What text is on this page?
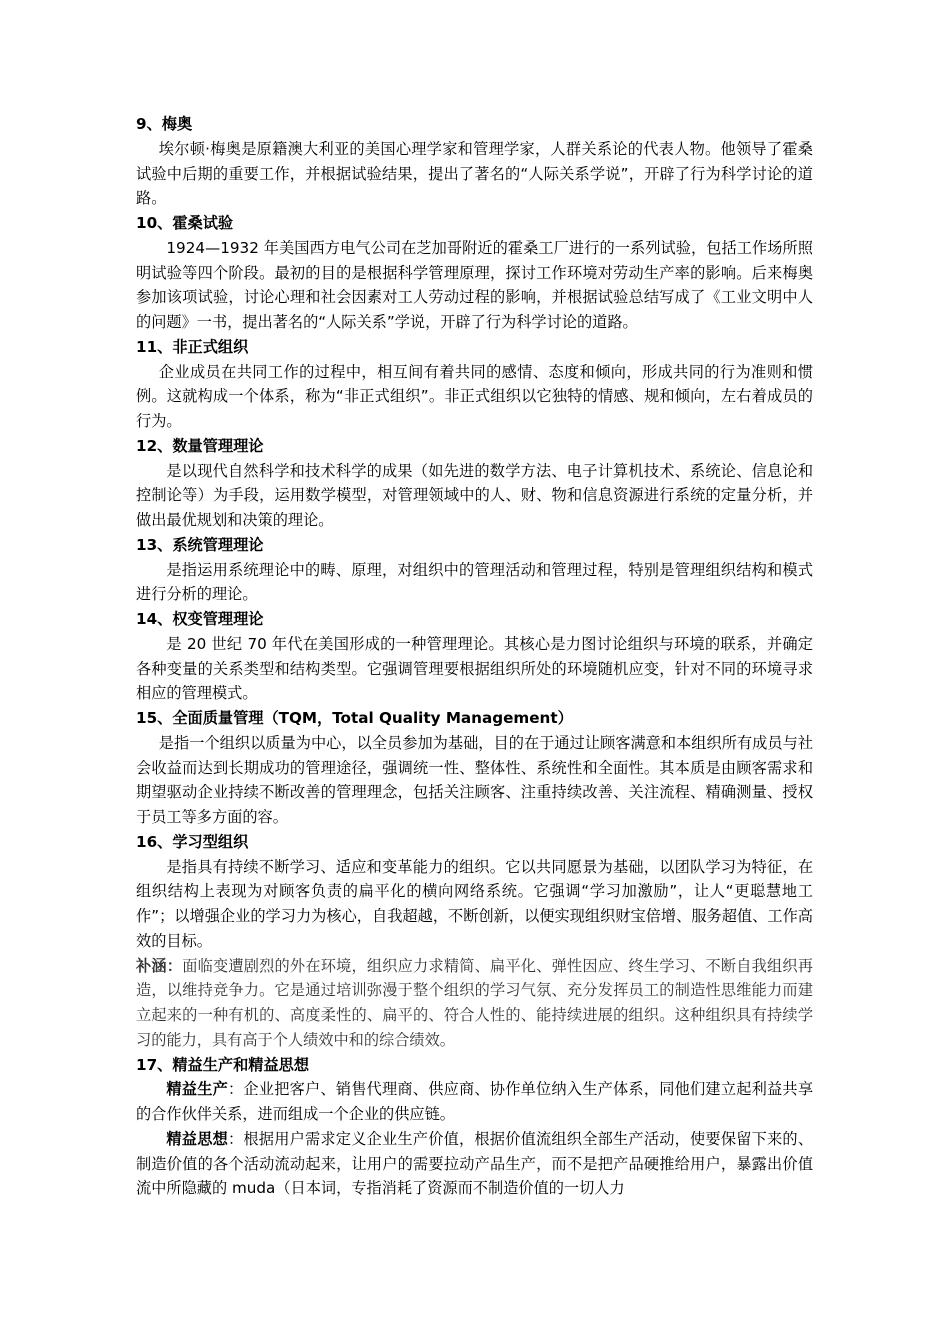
9、梅奥

埃尔顿·梅奥是原籍澳大利亚的美国心理学家和管理学家，人群关系论的代表人物。他领导了霍桑试验中后期的重要工作，并根据试验结果，提出了著名的“人际关系学说”，开辟了行为科学讨论的道路。

10、霍桑试验

1924—1932 年美国西方电气公司在芝加哥附近的霍桑工厂进行的一系列试验，包括工作场所照明试验等四个阶段。最初的目的是根据科学管理原理，探讨工作环境对劳动生产率的影响。后来梅奥参加该项试验，讨论心理和社会因素对工人劳动过程的影响，并根据试验总结写成了《工业文明中人的问题》一书，提出著名的“人际关系”学说，开辟了行为科学讨论的道路。

11、非正式组织

企业成员在共同工作的过程中，相互间有着共同的感情、态度和倾向，形成共同的行为准则和惯例。这就构成一个体系，称为“非正式组织”。非正式组织以它独特的情感、规和倾向，左右着成员的行为。

12、数量管理理论

是以现代自然科学和技术科学的成果（如先进的数学方法、电子计算机技术、系统论、信息论和控制论等）为手段，运用数学模型，对管理领域中的人、财、物和信息资源进行系统的定量分析，并做出最优规划和决策的理论。

13、系统管理理论

是指运用系统理论中的畴、原理，对组织中的管理活动和管理过程，特别是管理组织结构和模式进行分析的理论。

14、权变管理理论

是 20 世纪 70 年代在美国形成的一种管理理论。其核心是力图讨论组织与环境的联系，并确定各种变量的关系类型和结构类型。它强调管理要根据组织所处的环境随机应变，针对不同的环境寻求相应的管理模式。

15、全面质量管理（TQM，Total Quality Management）

是指一个组织以质量为中心，以全员参加为基础，目的在于通过让顾客满意和本组织所有成员与社会收益而达到长期成功的管理途径，强调统一性、整体性、系统性和全面性。其本质是由顾客需求和期望驱动企业持续不断改善的管理理念，包括关注顾客、注重持续改善、关注流程、精确测量、授权于员工等多方面的容。

16、学习型组织

是指具有持续不断学习、适应和变革能力的组织。它以共同愿景为基础，以团队学习为特征，在组织结构上表现为对顾客负责的扁平化的横向网络系统。它强调“学习加激励”，让人“更聪慧地工作”；以增强企业的学习力为核心，自我超越，不断创新，以便实现组织财宝倍增、服务超值、工作高效的目标。

补涵：面临变遭剧烈的外在环境，组织应力求精简、扁平化、弹性因应、终生学习、不断自我组织再造，以维持竞争力。它是通过培训弥漫于整个组织的学习气氛、充分发挥员工的制造性思维能力而建立起来的一种有机的、高度柔性的、扁平的、符合人性的、能持续进展的组织。这种组织具有持续学习的能力，具有高于个人绩效中和的综合绩效。

17、精益生产和精益思想

精益生产：企业把客户、销售代理商、供应商、协作单位纳入生产体系，同他们建立起利益共享的合作伙伴关系，进而组成一个企业的供应链。

精益思想：根据用户需求定义企业生产价值，根据价值流组织全部生产活动，使要保留下来的、制造价值的各个活动流动起来，让用户的需要拉动产品生产，而不是把产品硬推给用户，暴露出价值流中所隐藏的 muda（日本词，专指消耗了资源而不制造价值的一切人力
